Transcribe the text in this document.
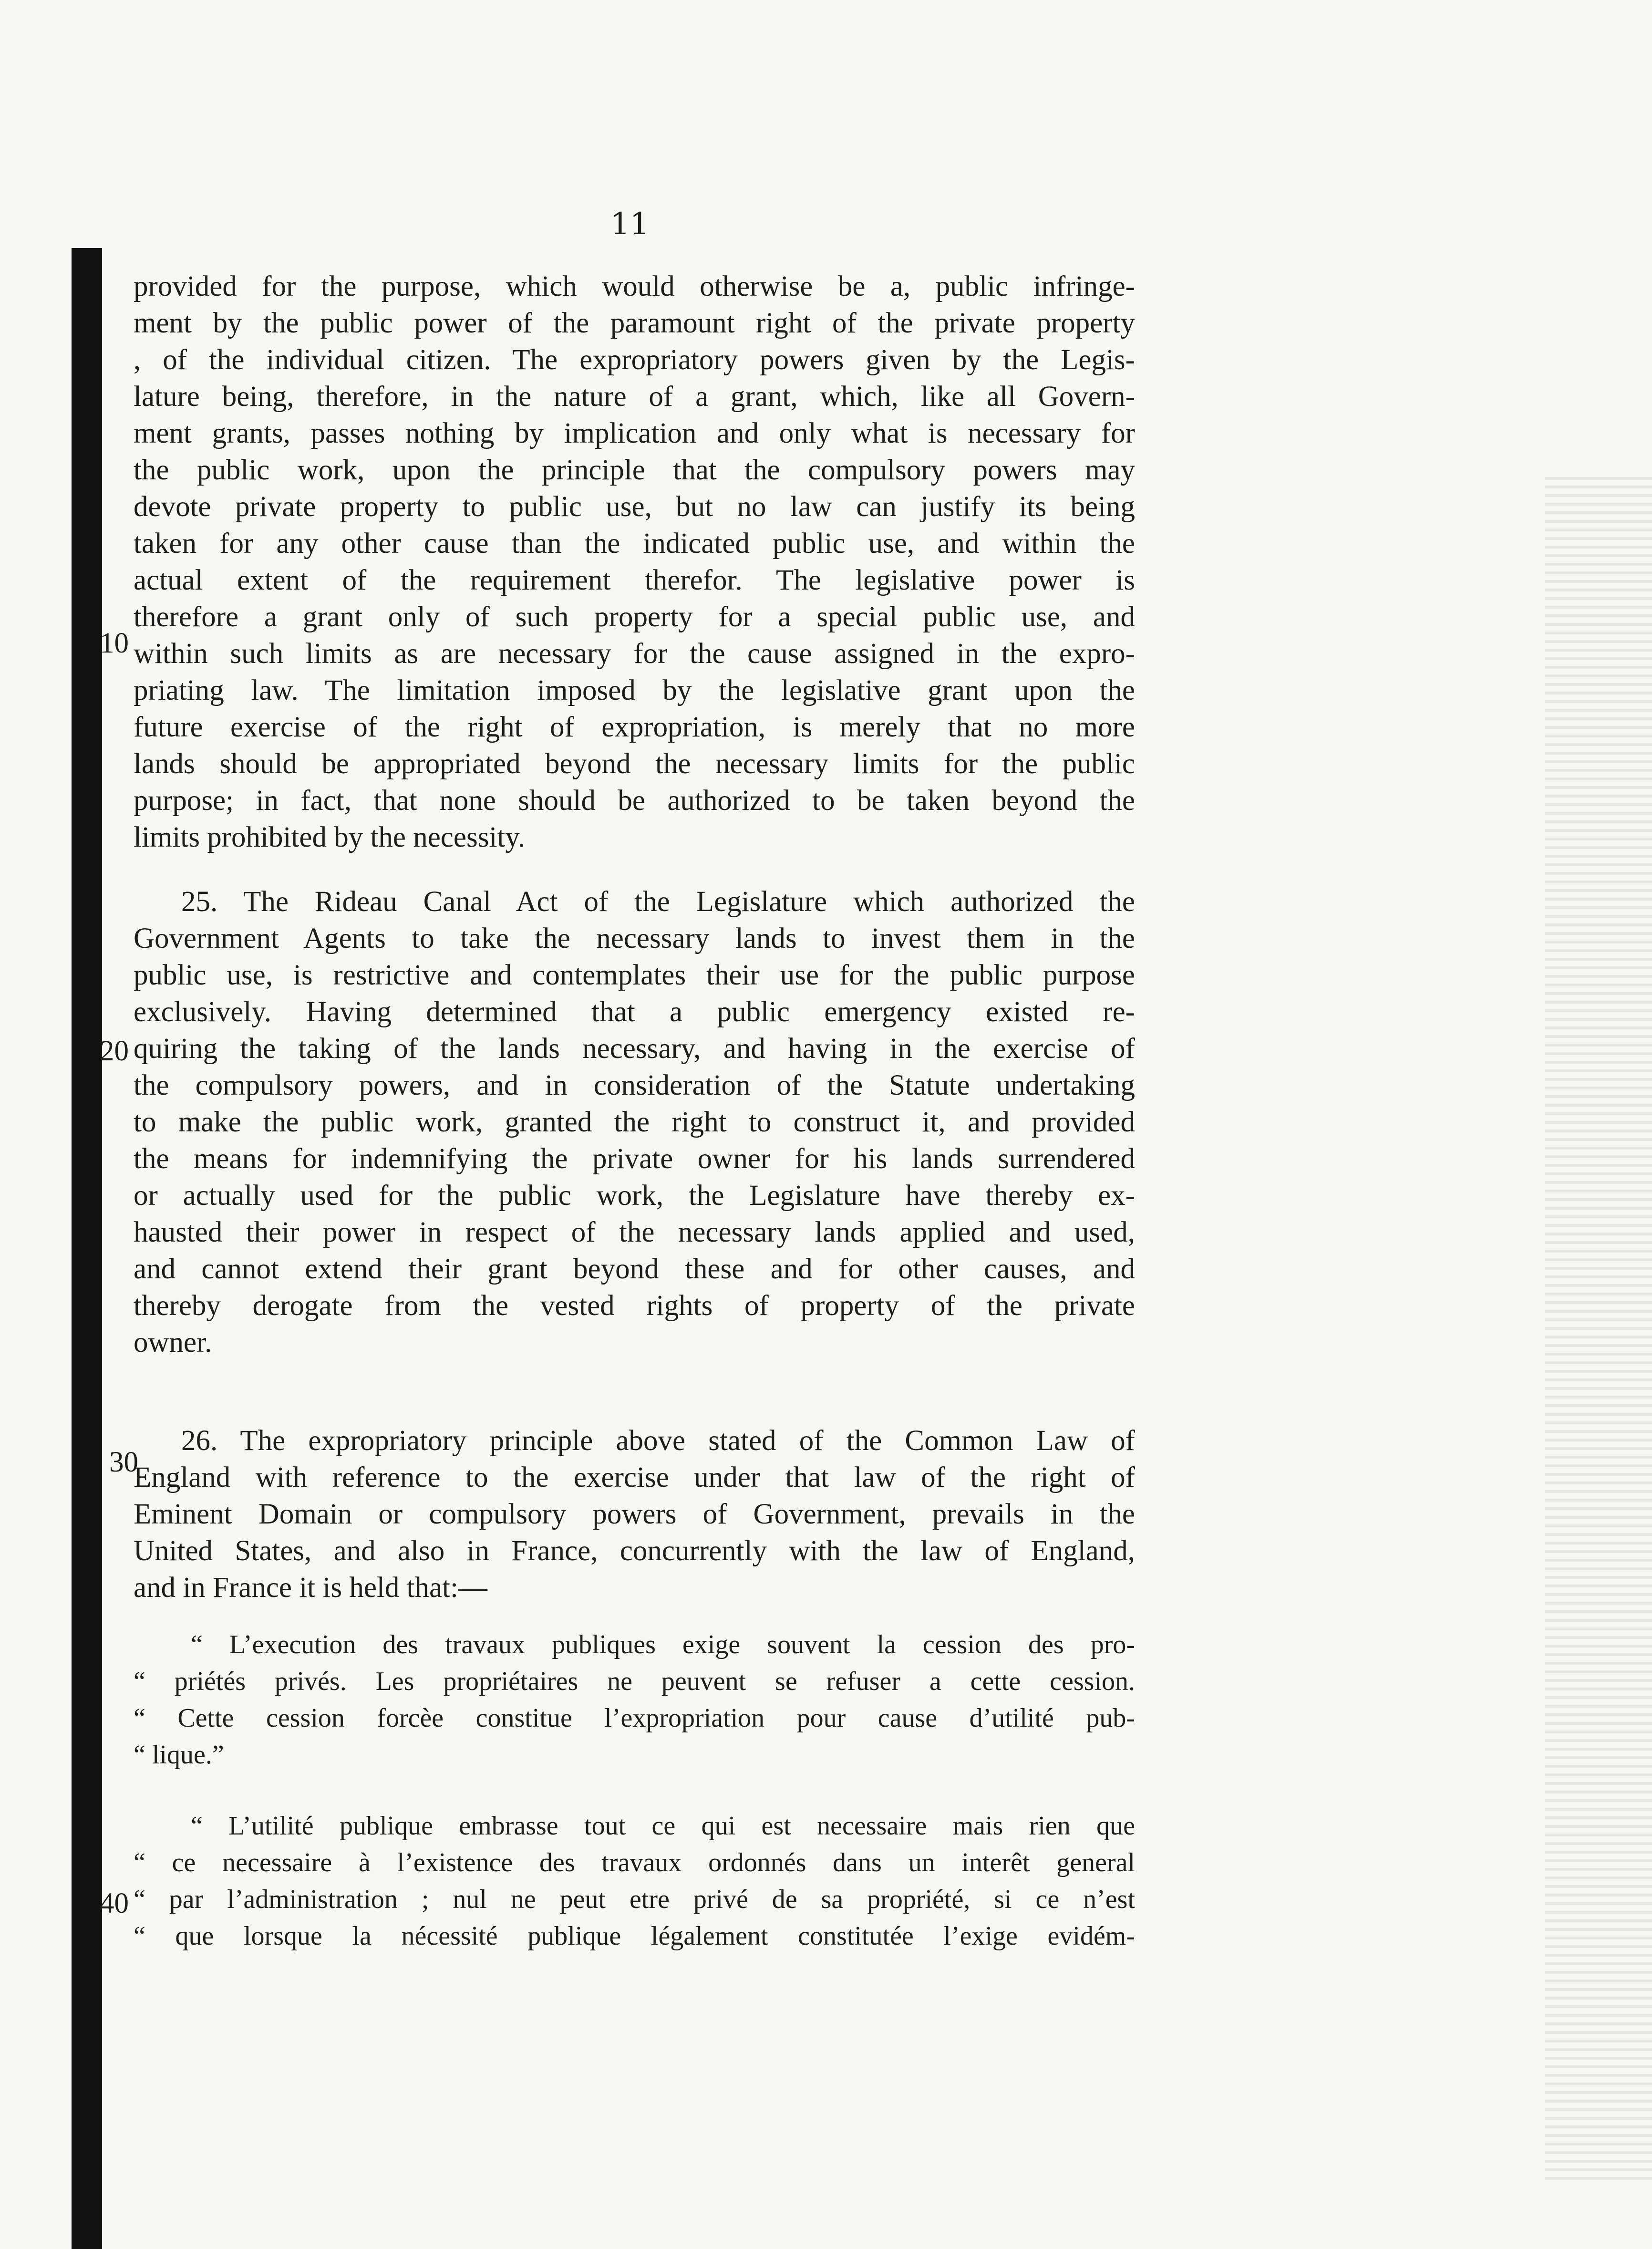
11
10
20
30
40
provided for the purpose, which would otherwise be a, public infringe-
ment by the public power of the paramount right of the private property
, of the individual citizen. The expropriatory powers given by the Legis-
lature being, therefore, in the nature of a grant, which, like all Govern-
ment grants, passes nothing by implication and only what is necessary for
the public work, upon the principle that the compulsory powers may
devote private property to public use, but no law can justify its being
taken for any other cause than the indicated public use, and within the
actual extent of the requirement therefor. The legislative power is
therefore a grant only of such property for a special public use, and
within such limits as are necessary for the cause assigned in the expro-
priating law. The limitation imposed by the legislative grant upon the
future exercise of the right of expropriation, is merely that no more
lands should be appropriated beyond the necessary limits for the public
purpose; in fact, that none should be authorized to be taken beyond the
limits prohibited by the necessity.
25. The Rideau Canal Act of the Legislature which authorized the
Government Agents to take the necessary lands to invest them in the
public use, is restrictive and contemplates their use for the public purpose
exclusively. Having determined that a public emergency existed re-
quiring the taking of the lands necessary, and having in the exercise of
the compulsory powers, and in consideration of the Statute undertaking
to make the public work, granted the right to construct it, and provided
the means for indemnifying the private owner for his lands surrendered
or actually used for the public work, the Legislature have thereby ex-
hausted their power in respect of the necessary lands applied and used,
and cannot extend their grant beyond these and for other causes, and
thereby derogate from the vested rights of property of the private
owner.
26. The expropriatory principle above stated of the Common Law of
England with reference to the exercise under that law of the right of
Eminent Domain or compulsory powers of Government, prevails in the
United States, and also in France, concurrently with the law of England,
and in France it is held that:—
“ L’execution des travaux publiques exige souvent la cession des pro-
“ priétés privés. Les propriétaires ne peuvent se refuser a cette cession.
“ Cette cession forcèe constitue l’expropriation pour cause d’utilité pub-
“ lique.”
“ L’utilité publique embrasse tout ce qui est necessaire mais rien que
“ ce necessaire à l’existence des travaux ordonnés dans un interêt general
“ par l’administration ; nul ne peut etre privé de sa propriété, si ce n’est
“ que lorsque la nécessité publique légalement constitutée l’exige evidém-
